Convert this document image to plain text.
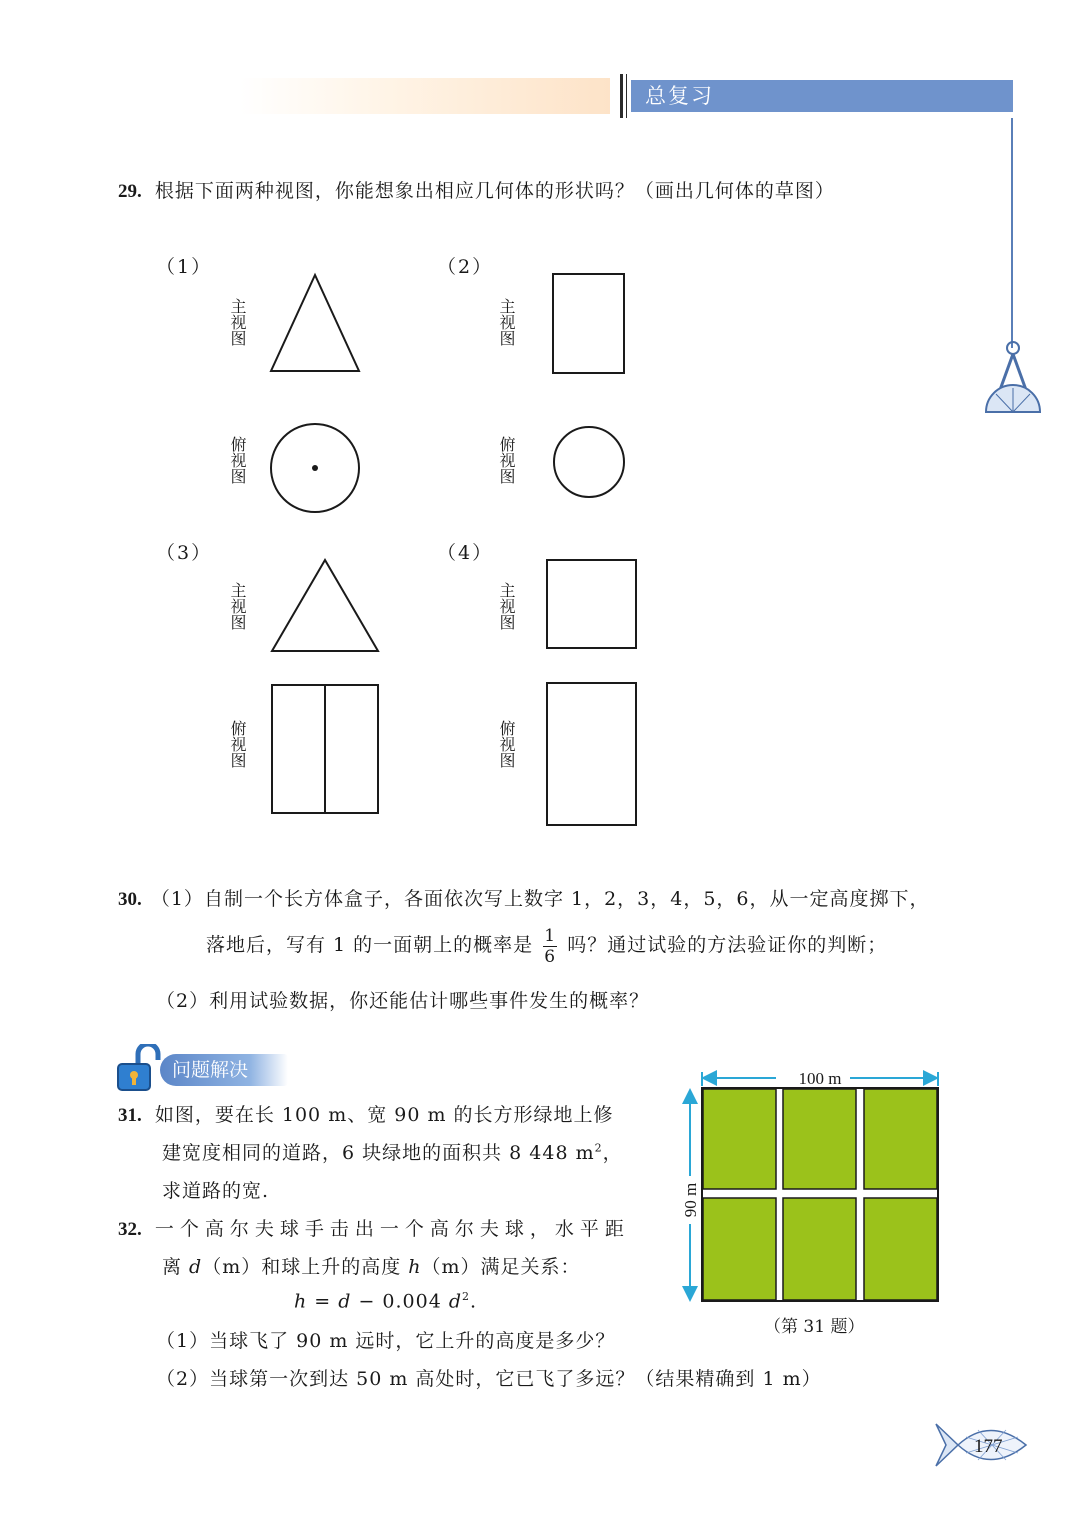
总复习
29. 根据下面两种视图，你能想象出相应几何体的形状吗？（画出几何体的草图）
（1）	（2）
（3）	（4）
主视图
俯视图
主视图
俯视图
主视图
俯视图
主视图
俯视图
30. （1）自制一个长方体盒子，各面依次写上数字 1，2，3，4，5，6，从一定高度掷下，
落地后，写有 1 的一面朝上的概率是 $\frac{1}{6}$ 吗？通过试验的方法验证你的判断；
（2）利用试验数据，你还能估计哪些事件发生的概率？
问题解决
31. 如图，要在长 100 m、宽 90 m 的长方形绿地上修
建宽度相同的道路，6 块绿地的面积共 8 448 $m^2$，
求道路的宽.
100 m
90 m
（第 31 题）
32. 一个高尔夫球手击出一个高尔夫球，水平距
离 d（m）和球上升的高度 h（m）满足关系：
h = d − 0.004 $d^2$.
（1）当球飞了 90 m 远时，它上升的高度是多少？
（2）当球第一次到达 50 m 高处时，它已飞了多远？（结果精确到 1 m）
177
